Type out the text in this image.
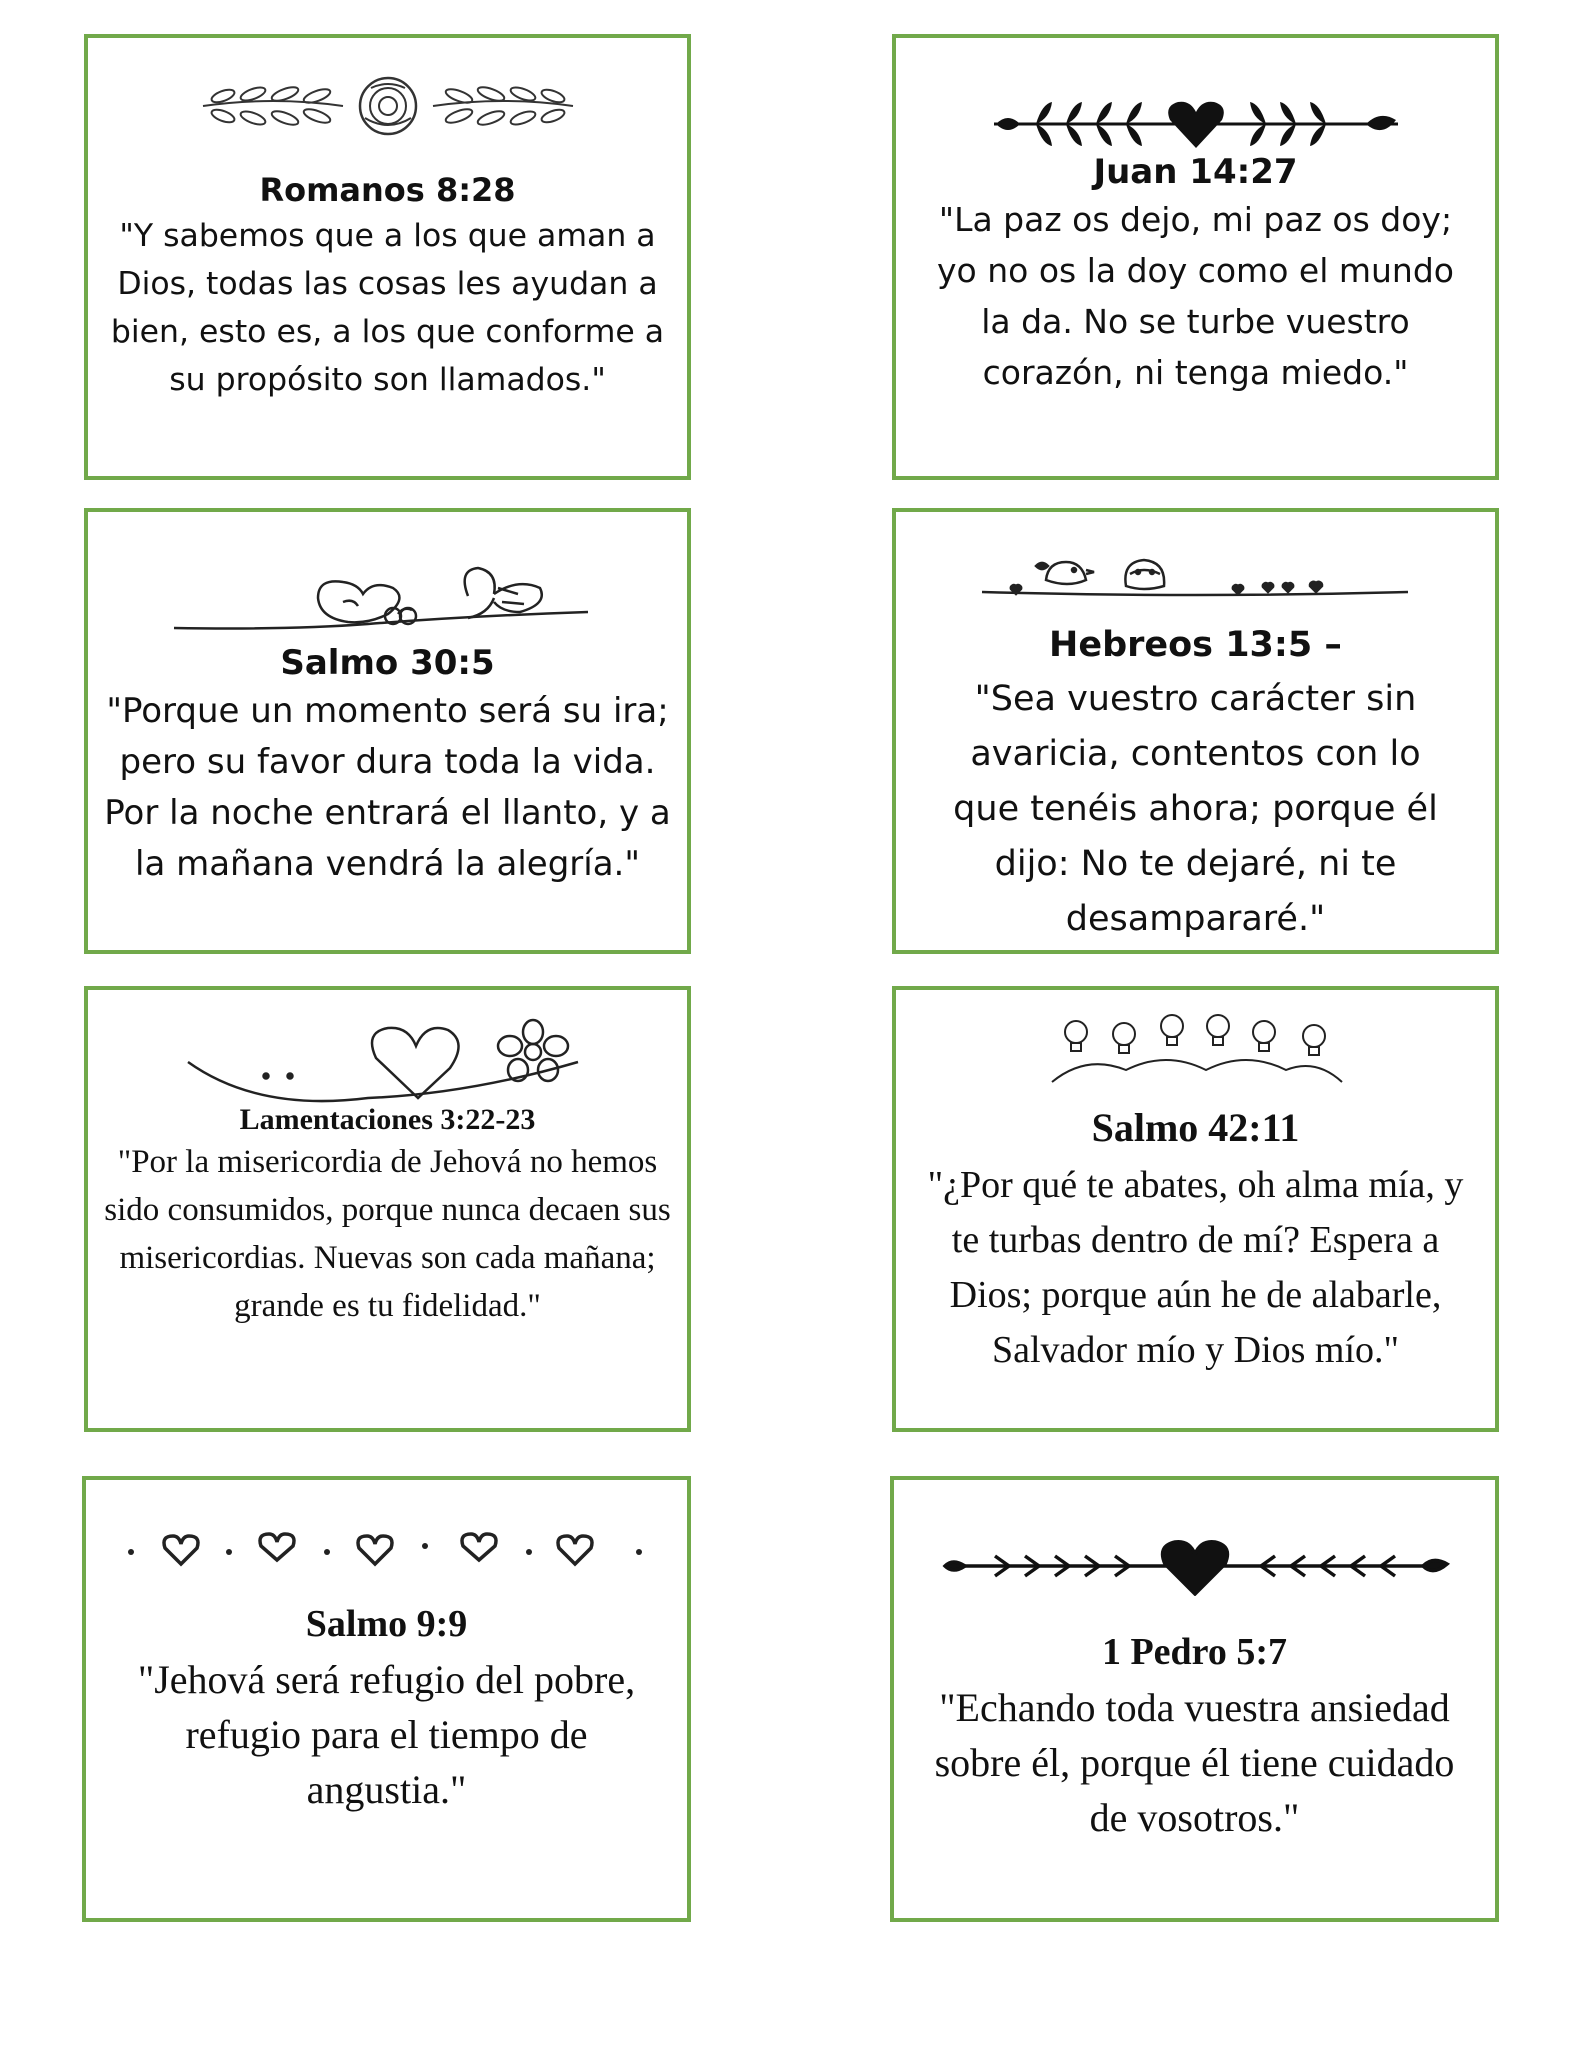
Romanos 8:28
"Y sabemos que a los que aman a Dios, todas las cosas les ayudan a bien, esto es, a los que conforme a su propósito son llamados."
Juan 14:27
"La paz os dejo, mi paz os doy; yo no os la doy como el mundo la da. No se turbe vuestro corazón, ni tenga miedo."
Salmo 30:5
"Porque un momento será su ira; pero su favor dura toda la vida. Por la noche entrará el llanto, y a la mañana vendrá la alegría."
Hebreos 13:5 –
"Sea vuestro carácter sin avaricia, contentos con lo que tenéis ahora; porque él dijo: No te dejaré, ni te desampararé."
Lamentaciones 3:22-23
"Por la misericordia de Jehová no hemos sido consumidos, porque nunca decaen sus misericordias. Nuevas son cada mañana; grande es tu fidelidad."
Salmo 42:11
"¿Por qué te abates, oh alma mía, y te turbas dentro de mí? Espera a Dios; porque aún he de alabarle, Salvador mío y Dios mío."
Salmo 9:9
"Jehová será refugio del pobre, refugio para el tiempo de angustia."
1 Pedro 5:7
"Echando toda vuestra ansiedad sobre él, porque él tiene cuidado de vosotros."
